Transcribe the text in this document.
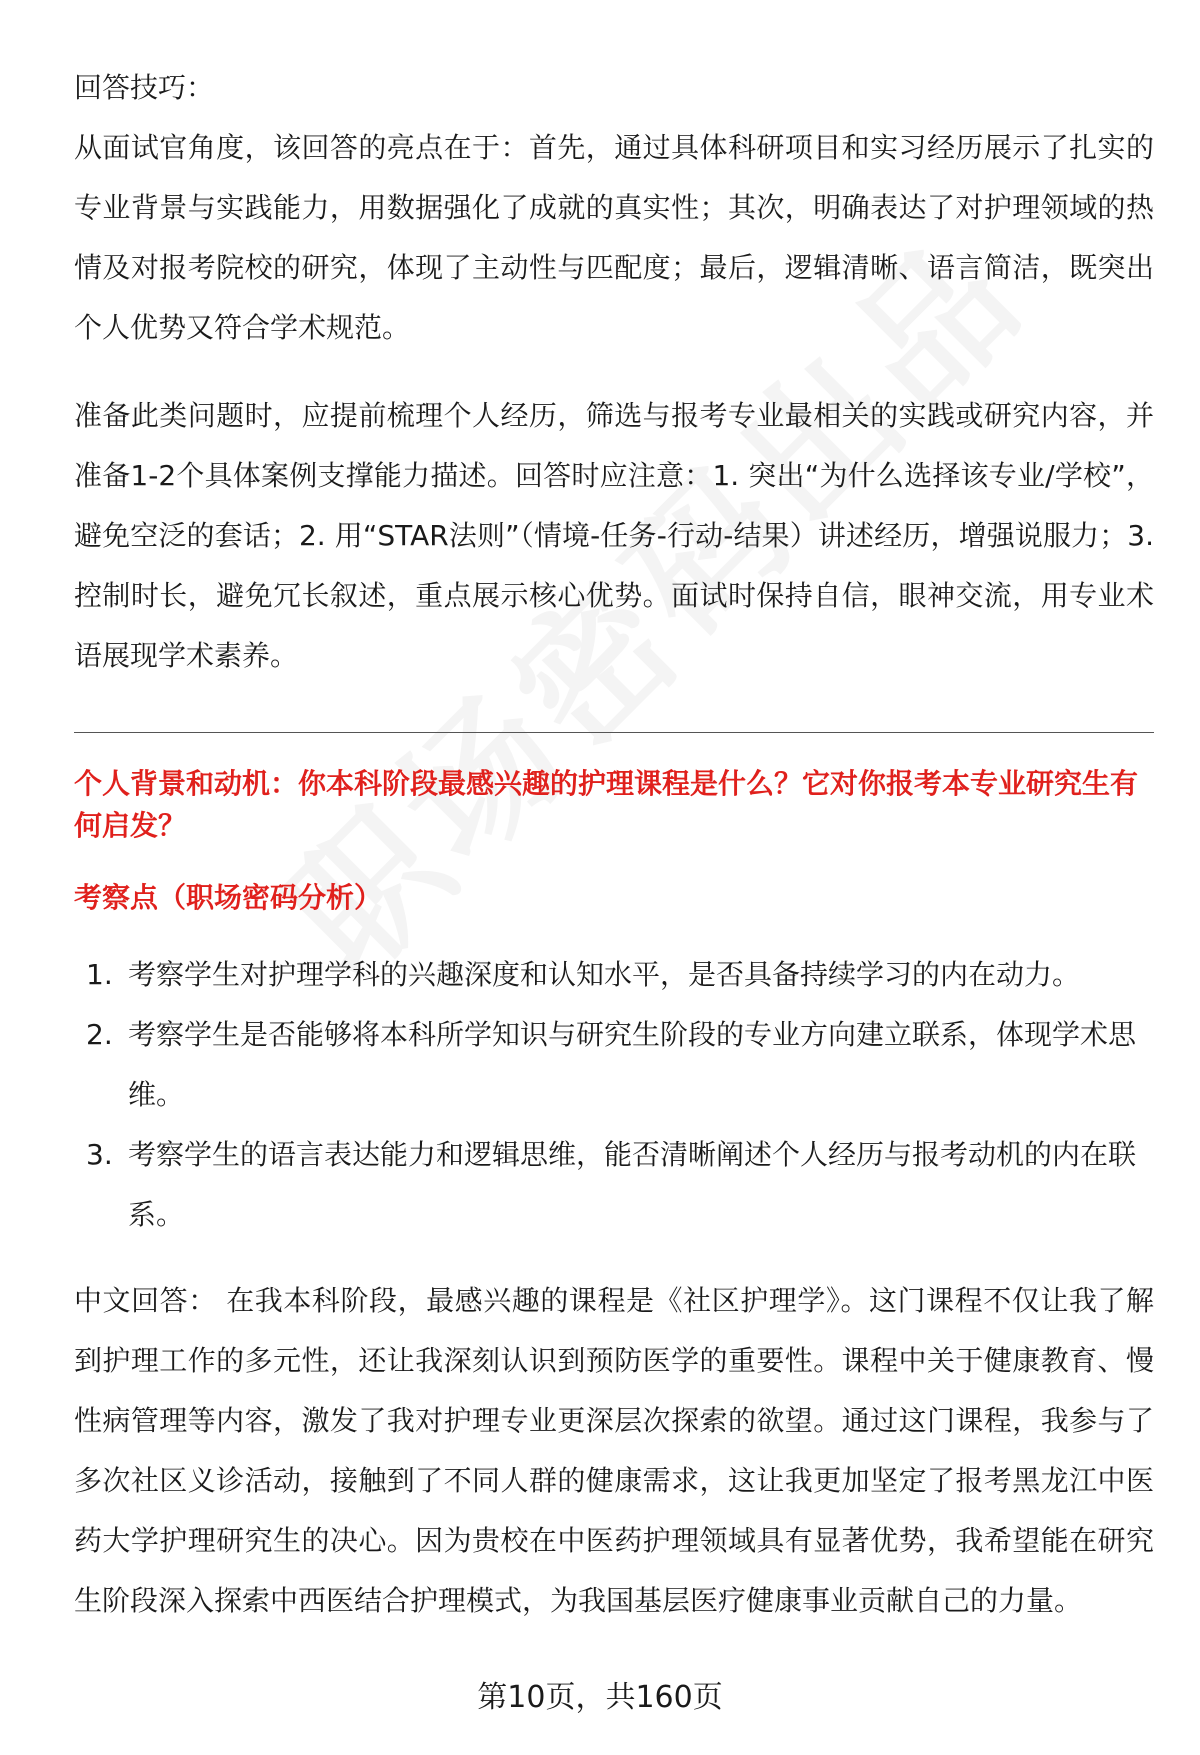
回答技巧：

从面试官角度，该回答的亮点在于：首先，通过具体科研项目和实习经历展示了扎实的专业背景与实践能力，用数据强化了成就的真实性；其次，明确表达了对护理领域的热情及对报考院校的研究，体现了主动性与匹配度；最后，逻辑清晰、语言简洁，既突出个人优势又符合学术规范。

准备此类问题时，应提前梳理个人经历，筛选与报考专业最相关的实践或研究内容，并准备1-2个具体案例支撑能力描述。回答时应注意：1. 突出“为什么选择该专业/学校”，避免空泛的套话；2. 用“STAR法则”（情境-任务-行动-结果）讲述经历，增强说服力；3. 控制时长，避免冗长叙述，重点展示核心优势。面试时保持自信，眼神交流，用专业术语展现学术素养。

个人背景和动机：你本科阶段最感兴趣的护理课程是什么？它对你报考本专业研究生有何启发？

考察点（职场密码分析）

1. 考察学生对护理学科的兴趣深度和认知水平，是否具备持续学习的内在动力。
2. 考察学生是否能够将本科所学知识与研究生阶段的专业方向建立联系，体现学术思维。
3. 考察学生的语言表达能力和逻辑思维，能否清晰阐述个人经历与报考动机的内在联系。

中文回答： 在我本科阶段，最感兴趣的课程是《社区护理学》。这门课程不仅让我了解到护理工作的多元性，还让我深刻认识到预防医学的重要性。课程中关于健康教育、慢性病管理等内容，激发了我对护理专业更深层次探索的欲望。通过这门课程，我参与了多次社区义诊活动，接触到了不同人群的健康需求，这让我更加坚定了报考黑龙江中医药大学护理研究生的决心。因为贵校在中医药护理领域具有显著优势，我希望能在研究生阶段深入探索中西医结合护理模式，为我国基层医疗健康事业贡献自己的力量。

第10页，共160页
